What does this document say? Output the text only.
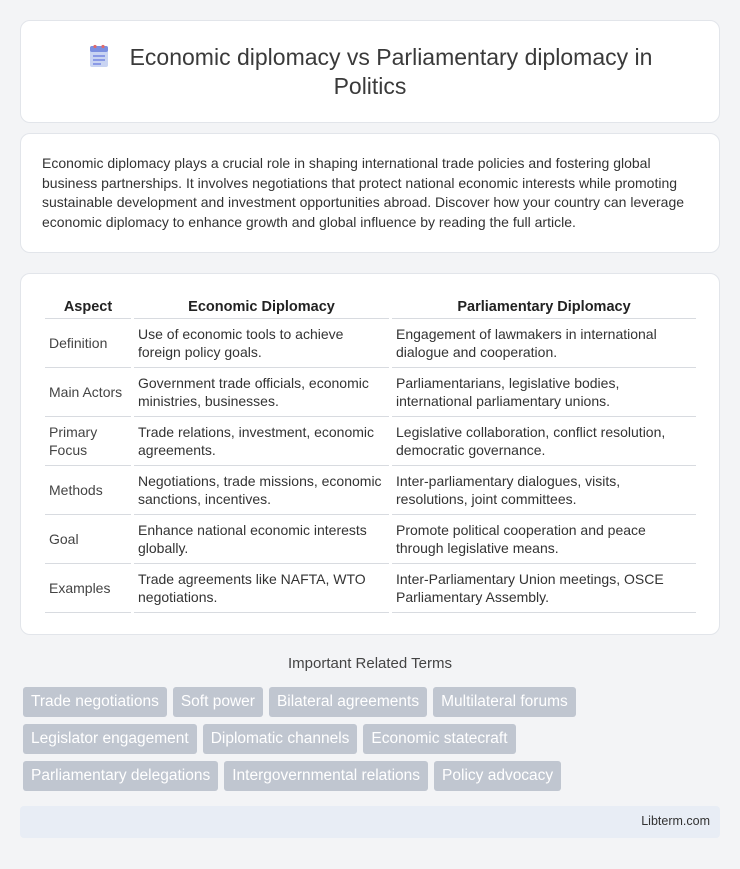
Economic diplomacy vs Parliamentary diplomacy in Politics

Economic diplomacy plays a crucial role in shaping international trade policies and fostering global business partnerships. It involves negotiations that protect national economic interests while promoting sustainable development and investment opportunities abroad. Discover how your country can leverage economic diplomacy to enhance growth and global influence by reading the full article.

Aspect	Economic Diplomacy	Parliamentary Diplomacy
Definition	Use of economic tools to achieve foreign policy goals.	Engagement of lawmakers in international dialogue and cooperation.
Main Actors	Government trade officials, economic ministries, businesses.	Parliamentarians, legislative bodies, international parliamentary unions.
Primary Focus	Trade relations, investment, economic agreements.	Legislative collaboration, conflict resolution, democratic governance.
Methods	Negotiations, trade missions, economic sanctions, incentives.	Inter-parliamentary dialogues, visits, resolutions, joint committees.
Goal	Enhance national economic interests globally.	Promote political cooperation and peace through legislative means.
Examples	Trade agreements like NAFTA, WTO negotiations.	Inter-Parliamentary Union meetings, OSCE Parliamentary Assembly.
Important Related Terms
Trade negotiations Soft power Bilateral agreements Multilateral forums
Legislator engagement Diplomatic channels Economic statecraft
Parliamentary delegations Intergovernmental relations Policy advocacy
Libterm.com
